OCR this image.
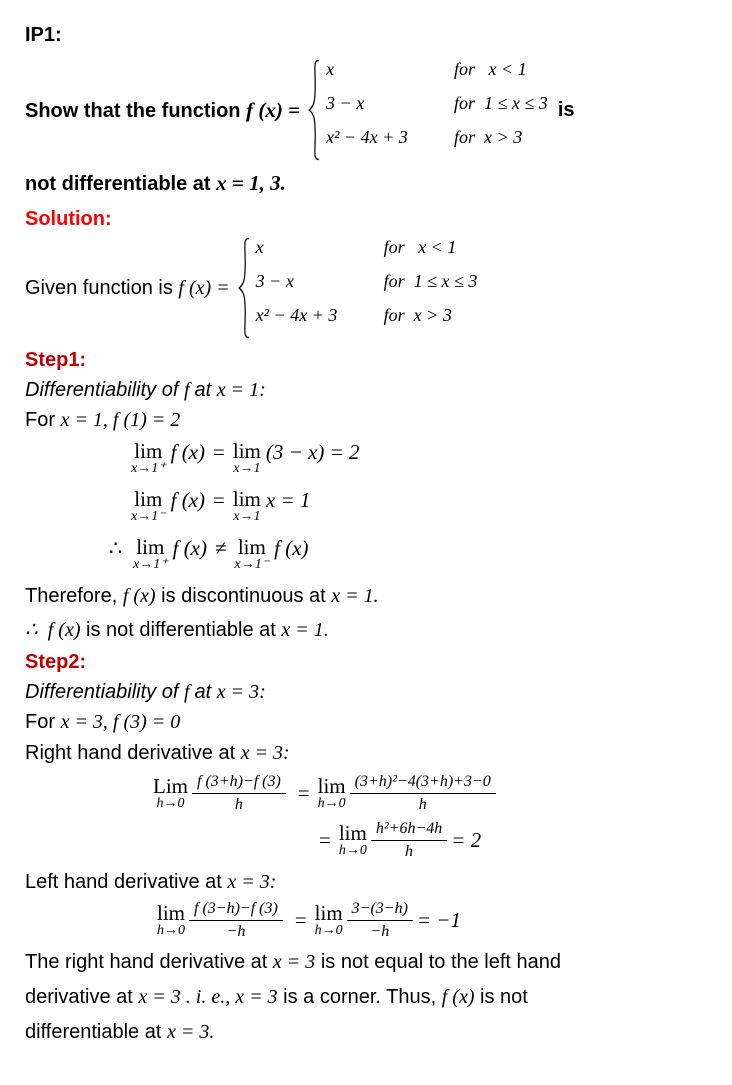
IP1:
Show that the function f (x) =
x	for   x < 1
3 − x	for  1 ≤ x ≤ 3
x² − 4x + 3	for  x > 3
is
not differentiable at x = 1, 3.
Solution:
Given function is f (x) =
x	for   x < 1
3 − x	for  1 ≤ x ≤ 3
x² − 4x + 3	for  x > 3
Step1:
Differentiability of f at x = 1:
For x = 1, f (1) = 2
lim
x→1⁺
f (x) = lim
x→1
(3 − x) = 2
lim
x→1⁻
f (x) = lim
x→1
x = 1
∴ lim
x→1⁺
f (x) ≠ lim
x→1⁻
f (x)
Therefore, f (x) is discontinuous at x = 1.
∴ f (x) is not differentiable at x = 1.
Step2:
Differentiability of f at x = 3:
For x = 3, f (3) = 0
Right hand derivative at x = 3:
Lim
$h\to 0 \frac{f (3+h)-f (3)}{h} = \lim$
$h\to 0 \frac{\text{(3+h)²−4(3+h)+3−0}}{h}$
= lim
$h\to 0 \frac{\text{h²+6h−4h}}{h} = 2$
Left hand derivative at x = 3:
lim
$h\to 0 \frac{f (3-h)-f (3)}{-h} = \lim$
$h\to 0 \frac{3-(3-h)}{-h} = -1$
The right hand derivative at x = 3 is not equal to the left hand
derivative at x = 3 . i. e., x = 3 is a corner. Thus, f (x) is not
differentiable at x = 3.
